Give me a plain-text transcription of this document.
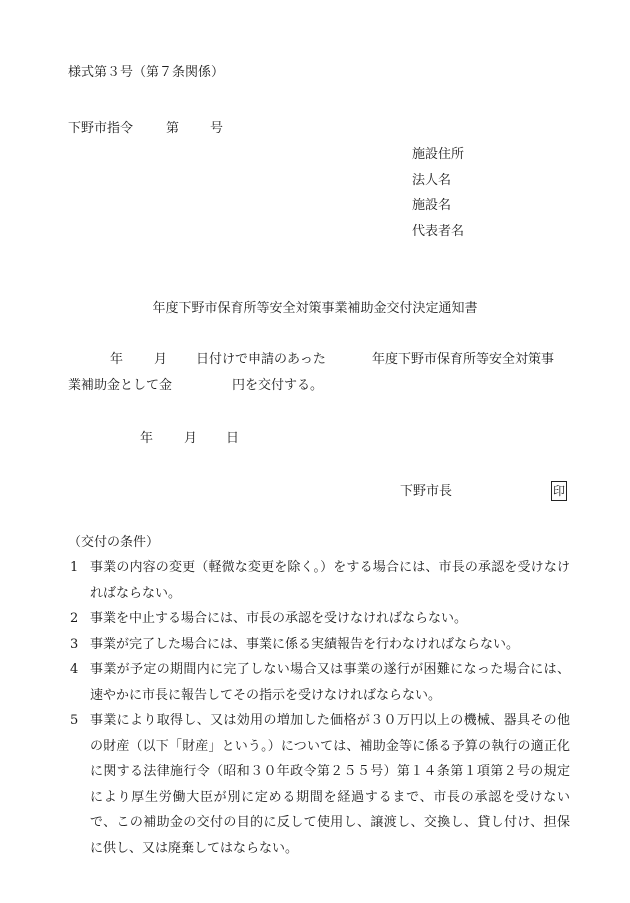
様式第３号（第７条関係）
下野市指令	第 号
施設住所
法人名
施設名
代表者名
年度下野市保育所等安全対策事業補助金交付決定通知書
年 月 日付けで申請のあった	年度下野市保育所等安全対策事
業補助金として金	円を交付する。
年 月 日
下野市長	印
（交付の条件）
1 事業の内容の変更（軽微な変更を除く。）をする場合には、市長の承認を受けなければならない。
2 事業を中止する場合には、市長の承認を受けなければならない。
3 事業が完了した場合には、事業に係る実績報告を行わなければならない。
4 事業が予定の期間内に完了しない場合又は事業の遂行が困難になった場合には、速やかに市長に報告してその指示を受けなければならない。
5 事業により取得し、又は効用の増加した価格が３０万円以上の機械、器具その他の財産（以下「財産」という。）については、補助金等に係る予算の執行の適正化に関する法律施行令（昭和３０年政令第２５５号）第１４条第１項第２号の規定により厚生労働大臣が別に定める期間を経過するまで、市長の承認を受けないで、この補助金の交付の目的に反して使用し、譲渡し、交換し、貸し付け、担保に供し、又は廃棄してはならない。
